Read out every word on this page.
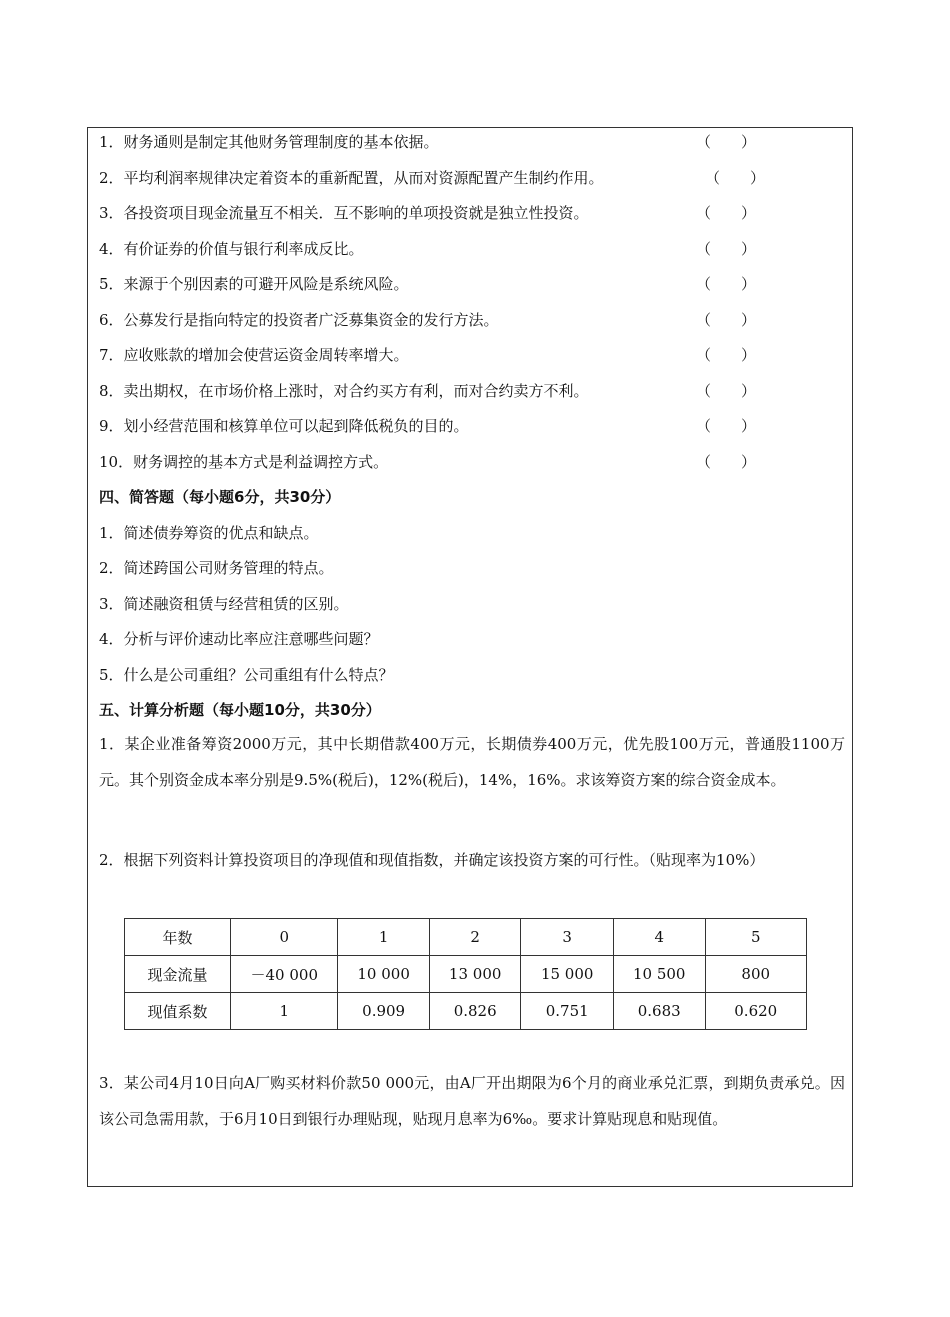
1．财务通则是制定其他财务管理制度的基本依据。	（　　）
2．平均利润率规律决定着资本的重新配置，从而对资源配置产生制约作用。	（　　）
3．各投资项目现金流量互不相关．互不影响的单项投资就是独立性投资。	（　　）
4．有价证券的价值与银行利率成反比。	（　　）
5．来源于个别因素的可避开风险是系统风险。	（　　）
6．公募发行是指向特定的投资者广泛募集资金的发行方法。	（　　）
7．应收账款的增加会使营运资金周转率增大。	（　　）
8．卖出期权，在市场价格上涨时，对合约买方有利，而对合约卖方不利。	（　　）
9．划小经营范围和核算单位可以起到降低税负的目的。	（　　）
10．财务调控的基本方式是利益调控方式。	（　　）
四、简答题（每小题6分，共30分）
1．简述债券筹资的优点和缺点。
2．简述跨国公司财务管理的特点。
3．简述融资租赁与经营租赁的区别。
4．分析与评价速动比率应注意哪些问题？
5．什么是公司重组？公司重组有什么特点？
五、计算分析题（每小题10分，共30分）
1．某企业准备筹资2000万元，其中长期借款400万元，长期债券400万元，优先股100万元，普通股1100万元。其个别资金成本率分别是9.5%(税后)，12%(税后)，14%，16%。求该筹资方案的综合资金成本。
2．根据下列资料计算投资项目的净现值和现值指数，并确定该投资方案的可行性。（贴现率为10%）
年数	0	1	2	3	4	5
现金流量	－40 000	10 000	13 000	15 000	10 500	800
现值系数	1	0.909	0.826	0.751	0.683	0.620
3．某公司4月10日向A厂购买材料价款50 000元，由A厂开出期限为6个月的商业承兑汇票，到期负责承兑。因该公司急需用款，于6月10日到银行办理贴现，贴现月息率为6‰。要求计算贴现息和贴现值。
